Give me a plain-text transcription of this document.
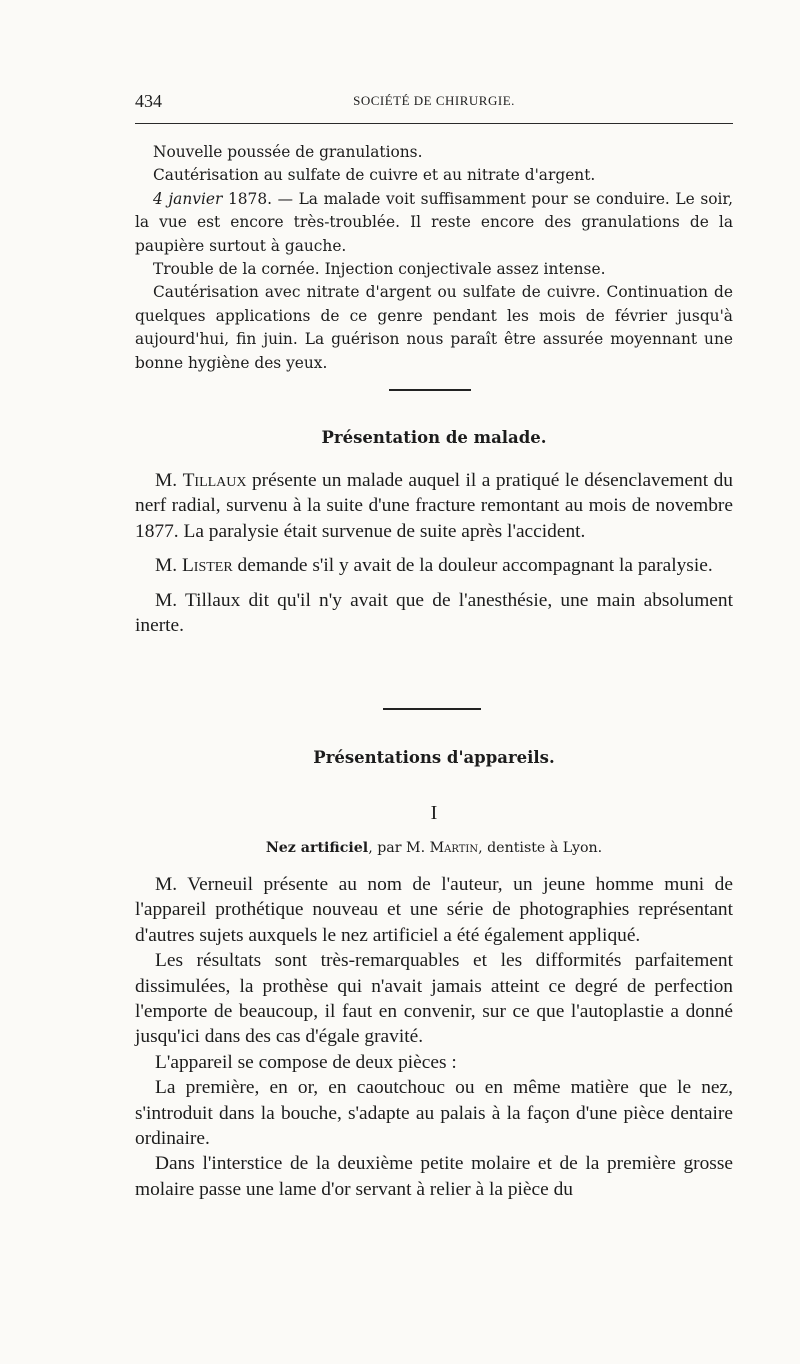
434	SOCIÉTÉ DE CHIRURGIE.

Nouvelle poussée de granulations.

Cautérisation au sulfate de cuivre et au nitrate d'argent.

4 janvier 1878. — La malade voit suffisamment pour se conduire. Le soir, la vue est encore très-troublée. Il reste encore des granulations de la paupière surtout à gauche.

Trouble de la cornée. Injection conjectivale assez intense.

Cautérisation avec nitrate d'argent ou sulfate de cuivre. Continuation de quelques applications de ce genre pendant les mois de février jusqu'à aujourd'hui, fin juin. La guérison nous paraît être assurée moyennant une bonne hygiène des yeux.

Présentation de malade.

M. Tillaux présente un malade auquel il a pratiqué le désenclavement du nerf radial, survenu à la suite d'une fracture remontant au mois de novembre 1877. La paralysie était survenue de suite après l'accident.

M. Lister demande s'il y avait de la douleur accompagnant la paralysie.

M. Tillaux dit qu'il n'y avait que de l'anesthésie, une main absolument inerte.

Présentations d'appareils.
I
Nez artificiel, par M. Martin, dentiste à Lyon.

M. Verneuil présente au nom de l'auteur, un jeune homme muni de l'appareil prothétique nouveau et une série de photographies représentant d'autres sujets auxquels le nez artificiel a été également appliqué.

Les résultats sont très-remarquables et les difformités parfaitement dissimulées, la prothèse qui n'avait jamais atteint ce degré de perfection l'emporte de beaucoup, il faut en convenir, sur ce que l'autoplastie a donné jusqu'ici dans des cas d'égale gravité.

L'appareil se compose de deux pièces :

La première, en or, en caoutchouc ou en même matière que le nez, s'introduit dans la bouche, s'adapte au palais à la façon d'une pièce dentaire ordinaire.

Dans l'interstice de la deuxième petite molaire et de la première grosse molaire passe une lame d'or servant à relier à la pièce du
